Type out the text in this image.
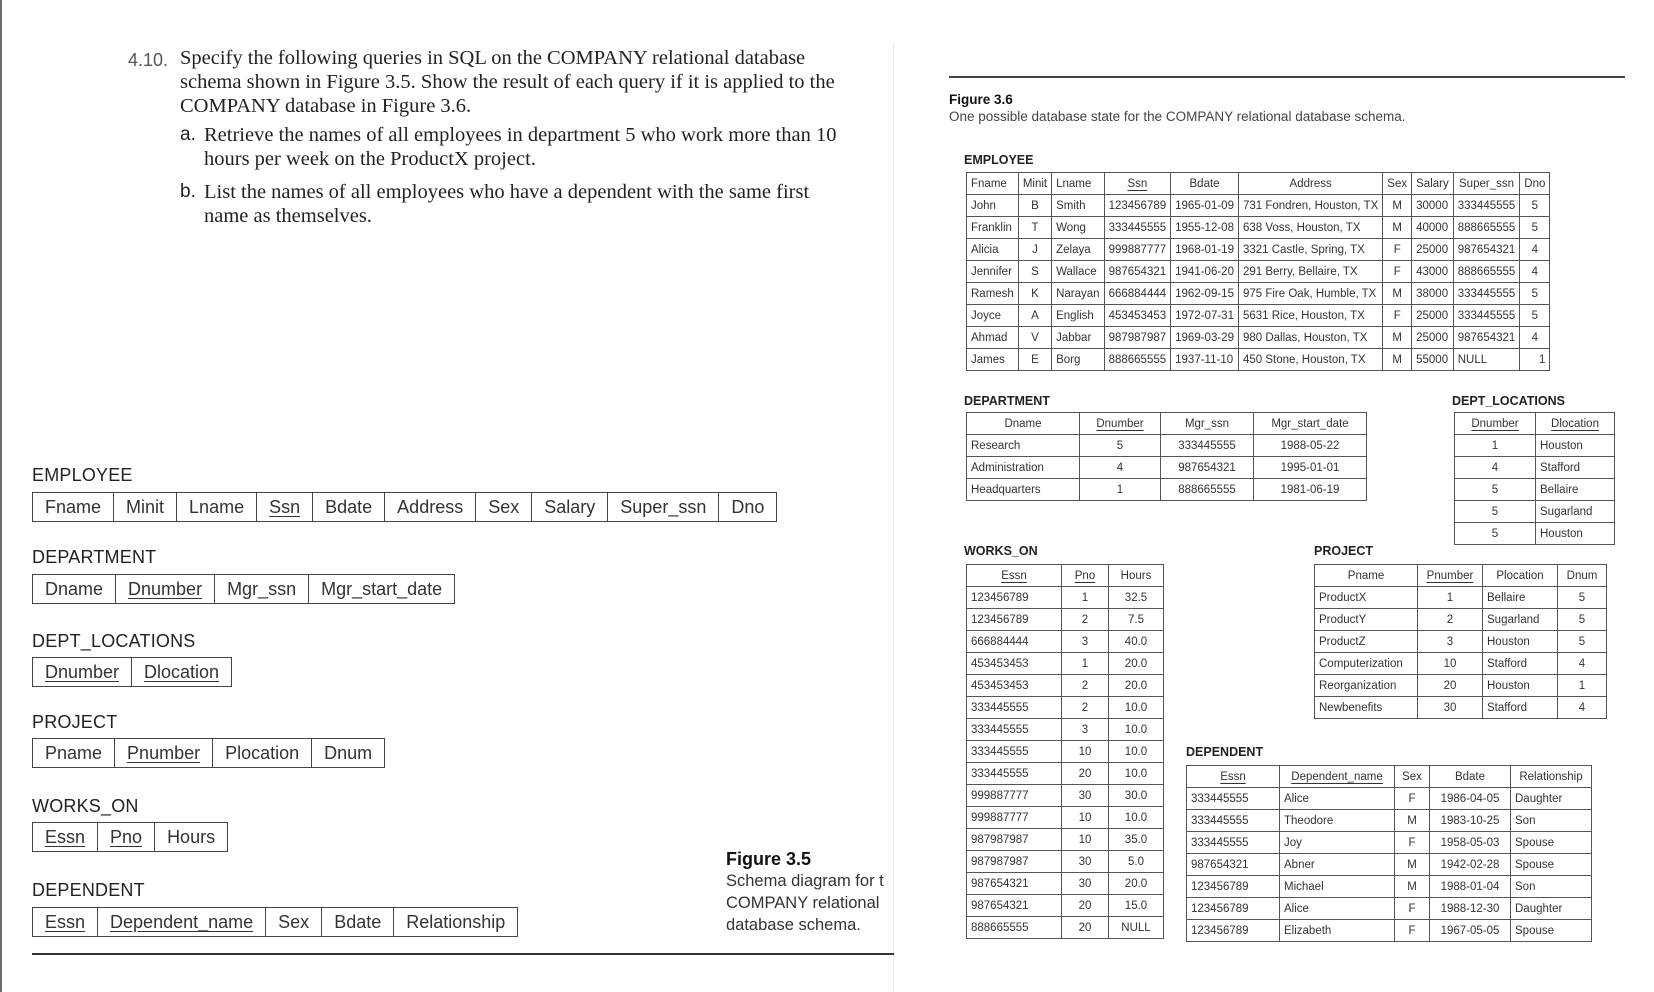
4.10. Specify the following queries in SQL on the COMPANY relational database schema shown in Figure 3.5. Show the result of each query if it is applied to the COMPANY database in Figure 3.6.
a. Retrieve the names of all employees in department 5 who work more than 10 hours per week on the ProductX project.
b. List the names of all employees who have a dependent with the same first name as themselves.
EMPLOYEE
Fname	Minit	Lname	Ssn	Bdate	Address	Sex	Salary	Super_ssn	Dno
DEPARTMENT
Dname	Dnumber	Mgr_ssn	Mgr_start_date
DEPT_LOCATIONS
Dnumber	Dlocation
PROJECT
Pname	Pnumber	Plocation	Dnum
WORKS_ON
Essn	Pno	Hours
DEPENDENT
Essn	Dependent_name	Sex	Bdate	Relationship
Figure 3.5
Schema diagram for t
COMPANY relational
database schema.
Figure 3.6
One possible database state for the COMPANY relational database schema.
EMPLOYEE
Fname	Minit	Lname	Ssn	Bdate	Address	Sex	Salary	Super_ssn	Dno
John	B	Smith	123456789	1965-01-09	731 Fondren, Houston, TX	M	30000	333445555	5
Franklin	T	Wong	333445555	1955-12-08	638 Voss, Houston, TX	M	40000	888665555	5
Alicia	J	Zelaya	999887777	1968-01-19	3321 Castle, Spring, TX	F	25000	987654321	4
Jennifer	S	Wallace	987654321	1941-06-20	291 Berry, Bellaire, TX	F	43000	888665555	4
Ramesh	K	Narayan	666884444	1962-09-15	975 Fire Oak, Humble, TX	M	38000	333445555	5
Joyce	A	English	453453453	1972-07-31	5631 Rice, Houston, TX	F	25000	333445555	5
Ahmad	V	Jabbar	987987987	1969-03-29	980 Dallas, Houston, TX	M	25000	987654321	4
James	E	Borg	888665555	1937-11-10	450 Stone, Houston, TX	M	55000	NULL	1
DEPARTMENT
Dname	Dnumber	Mgr_ssn	Mgr_start_date
Research	5	333445555	1988-05-22
Administration	4	987654321	1995-01-01
Headquarters	1	888665555	1981-06-19
DEPT_LOCATIONS
Dnumber	Dlocation
1	Houston
4	Stafford
5	Bellaire
5	Sugarland
5	Houston
WORKS_ON
Essn	Pno	Hours
123456789	1	32.5
123456789	2	7.5
666884444	3	40.0
453453453	1	20.0
453453453	2	20.0
333445555	2	10.0
333445555	3	10.0
333445555	10	10.0
333445555	20	10.0
999887777	30	30.0
999887777	10	10.0
987987987	10	35.0
987987987	30	5.0
987654321	30	20.0
987654321	20	15.0
888665555	20	NULL
PROJECT
Pname	Pnumber	Plocation	Dnum
ProductX	1	Bellaire	5
ProductY	2	Sugarland	5
ProductZ	3	Houston	5
Computerization	10	Stafford	4
Reorganization	20	Houston	1
Newbenefits	30	Stafford	4
DEPENDENT
Essn	Dependent_name	Sex	Bdate	Relationship
333445555	Alice	F	1986-04-05	Daughter
333445555	Theodore	M	1983-10-25	Son
333445555	Joy	F	1958-05-03	Spouse
987654321	Abner	M	1942-02-28	Spouse
123456789	Michael	M	1988-01-04	Son
123456789	Alice	F	1988-12-30	Daughter
123456789	Elizabeth	F	1967-05-05	Spouse
